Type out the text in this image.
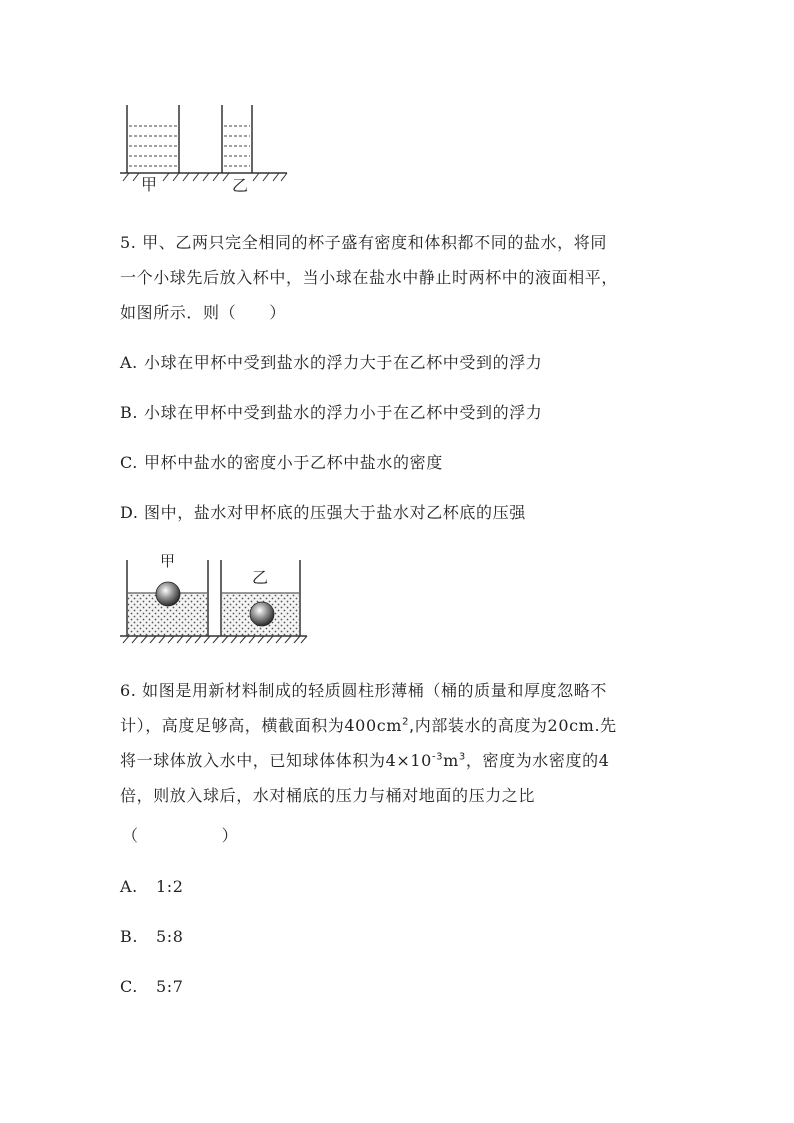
甲	乙
5. 甲、乙两只完全相同的杯子盛有密度和体积都不同的盐水，将同
一个小球先后放入杯中，当小球在盐水中静止时两杯中的液面相平，
如图所示．则（　　）
A. 小球在甲杯中受到盐水的浮力大于在乙杯中受到的浮力
B. 小球在甲杯中受到盐水的浮力小于在乙杯中受到的浮力
C. 甲杯中盐水的密度小于乙杯中盐水的密度
D. 图中，盐水对甲杯底的压强大于盐水对乙杯底的压强
甲
乙
6. 如图是用新材料制成的轻质圆柱形薄桶（桶的质量和厚度忽略不
计），高度足够高，横截面积为$400cm^2$,内部装水的高度为20cm.先
将一球体放入水中，已知球体体积为$4\times 10^{-3}m^3$，密度为水密度的4
倍，则放入球后，水对桶底的压力与桶对地面的压力之比
（　　　　　）
A. 1:2
B. 5:8
C. 5:7
